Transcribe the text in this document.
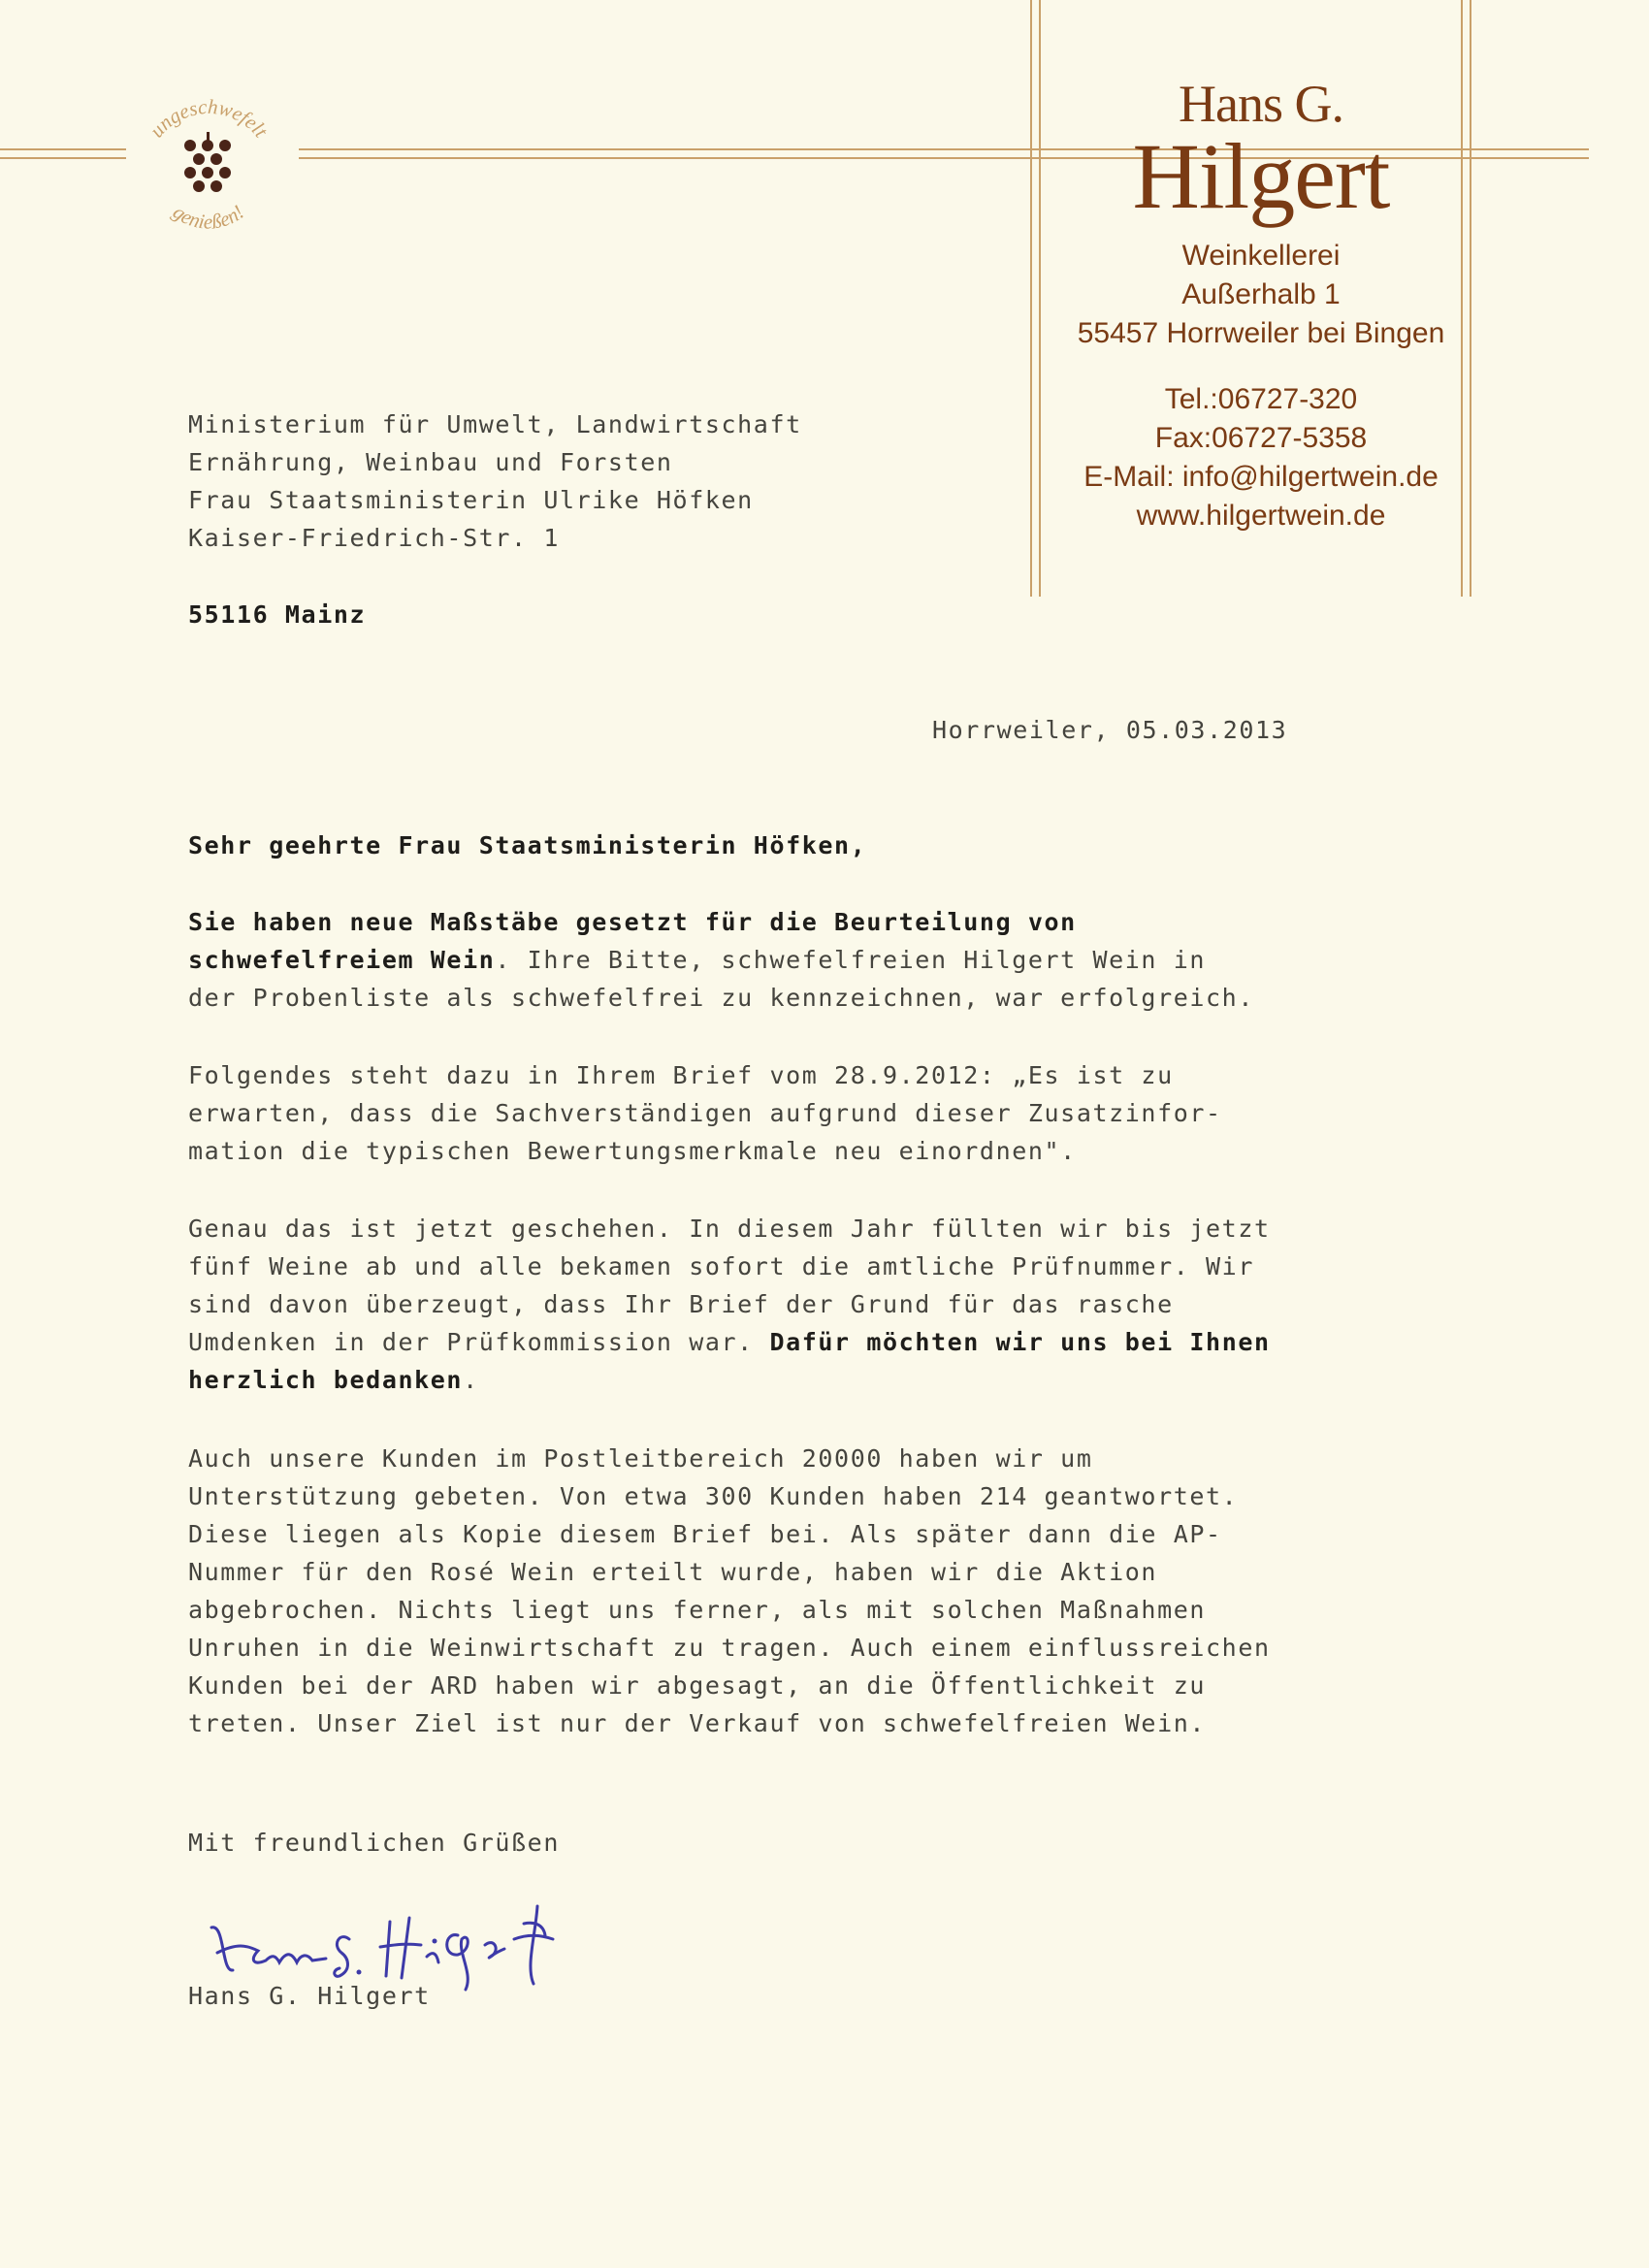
ungeschwefelt
genießen!
Hans G. Hilgert
Weinkellerei
Außerhalb 1
55457 Horrweiler bei Bingen
Tel.:06727-320
Fax:06727-5358
E-Mail: info@hilgertwein.de
www.hilgertwein.de
Ministerium für Umwelt, Landwirtschaft
Ernährung, Weinbau und Forsten
Frau Staatsministerin Ulrike Höfken
Kaiser-Friedrich-Str. 1
55116 Mainz
Horrweiler, 05.03.2013
Sehr geehrte Frau Staatsministerin Höfken,
Sie haben neue Maßstäbe gesetzt für die Beurteilung von
schwefelfreiem Wein. Ihre Bitte, schwefelfreien Hilgert Wein in
der Probenliste als schwefelfrei zu kennzeichnen, war erfolgreich.
Folgendes steht dazu in Ihrem Brief vom 28.9.2012: „Es ist zu
erwarten, dass die Sachverständigen aufgrund dieser Zusatzinfor-
mation die typischen Bewertungsmerkmale neu einordnen".
Genau das ist jetzt geschehen. In diesem Jahr füllten wir bis jetzt
fünf Weine ab und alle bekamen sofort die amtliche Prüfnummer. Wir
sind davon überzeugt, dass Ihr Brief der Grund für das rasche
Umdenken in der Prüfkommission war. Dafür möchten wir uns bei Ihnen
herzlich bedanken.
Auch unsere Kunden im Postleitbereich 20000 haben wir um
Unterstützung gebeten. Von etwa 300 Kunden haben 214 geantwortet.
Diese liegen als Kopie diesem Brief bei. Als später dann die AP-
Nummer für den Rosé Wein erteilt wurde, haben wir die Aktion
abgebrochen. Nichts liegt uns ferner, als mit solchen Maßnahmen
Unruhen in die Weinwirtschaft zu tragen. Auch einem einflussreichen
Kunden bei der ARD haben wir abgesagt, an die Öffentlichkeit zu
treten. Unser Ziel ist nur der Verkauf von schwefelfreien Wein.
Mit freundlichen Grüßen
Hans G. Hilgert
